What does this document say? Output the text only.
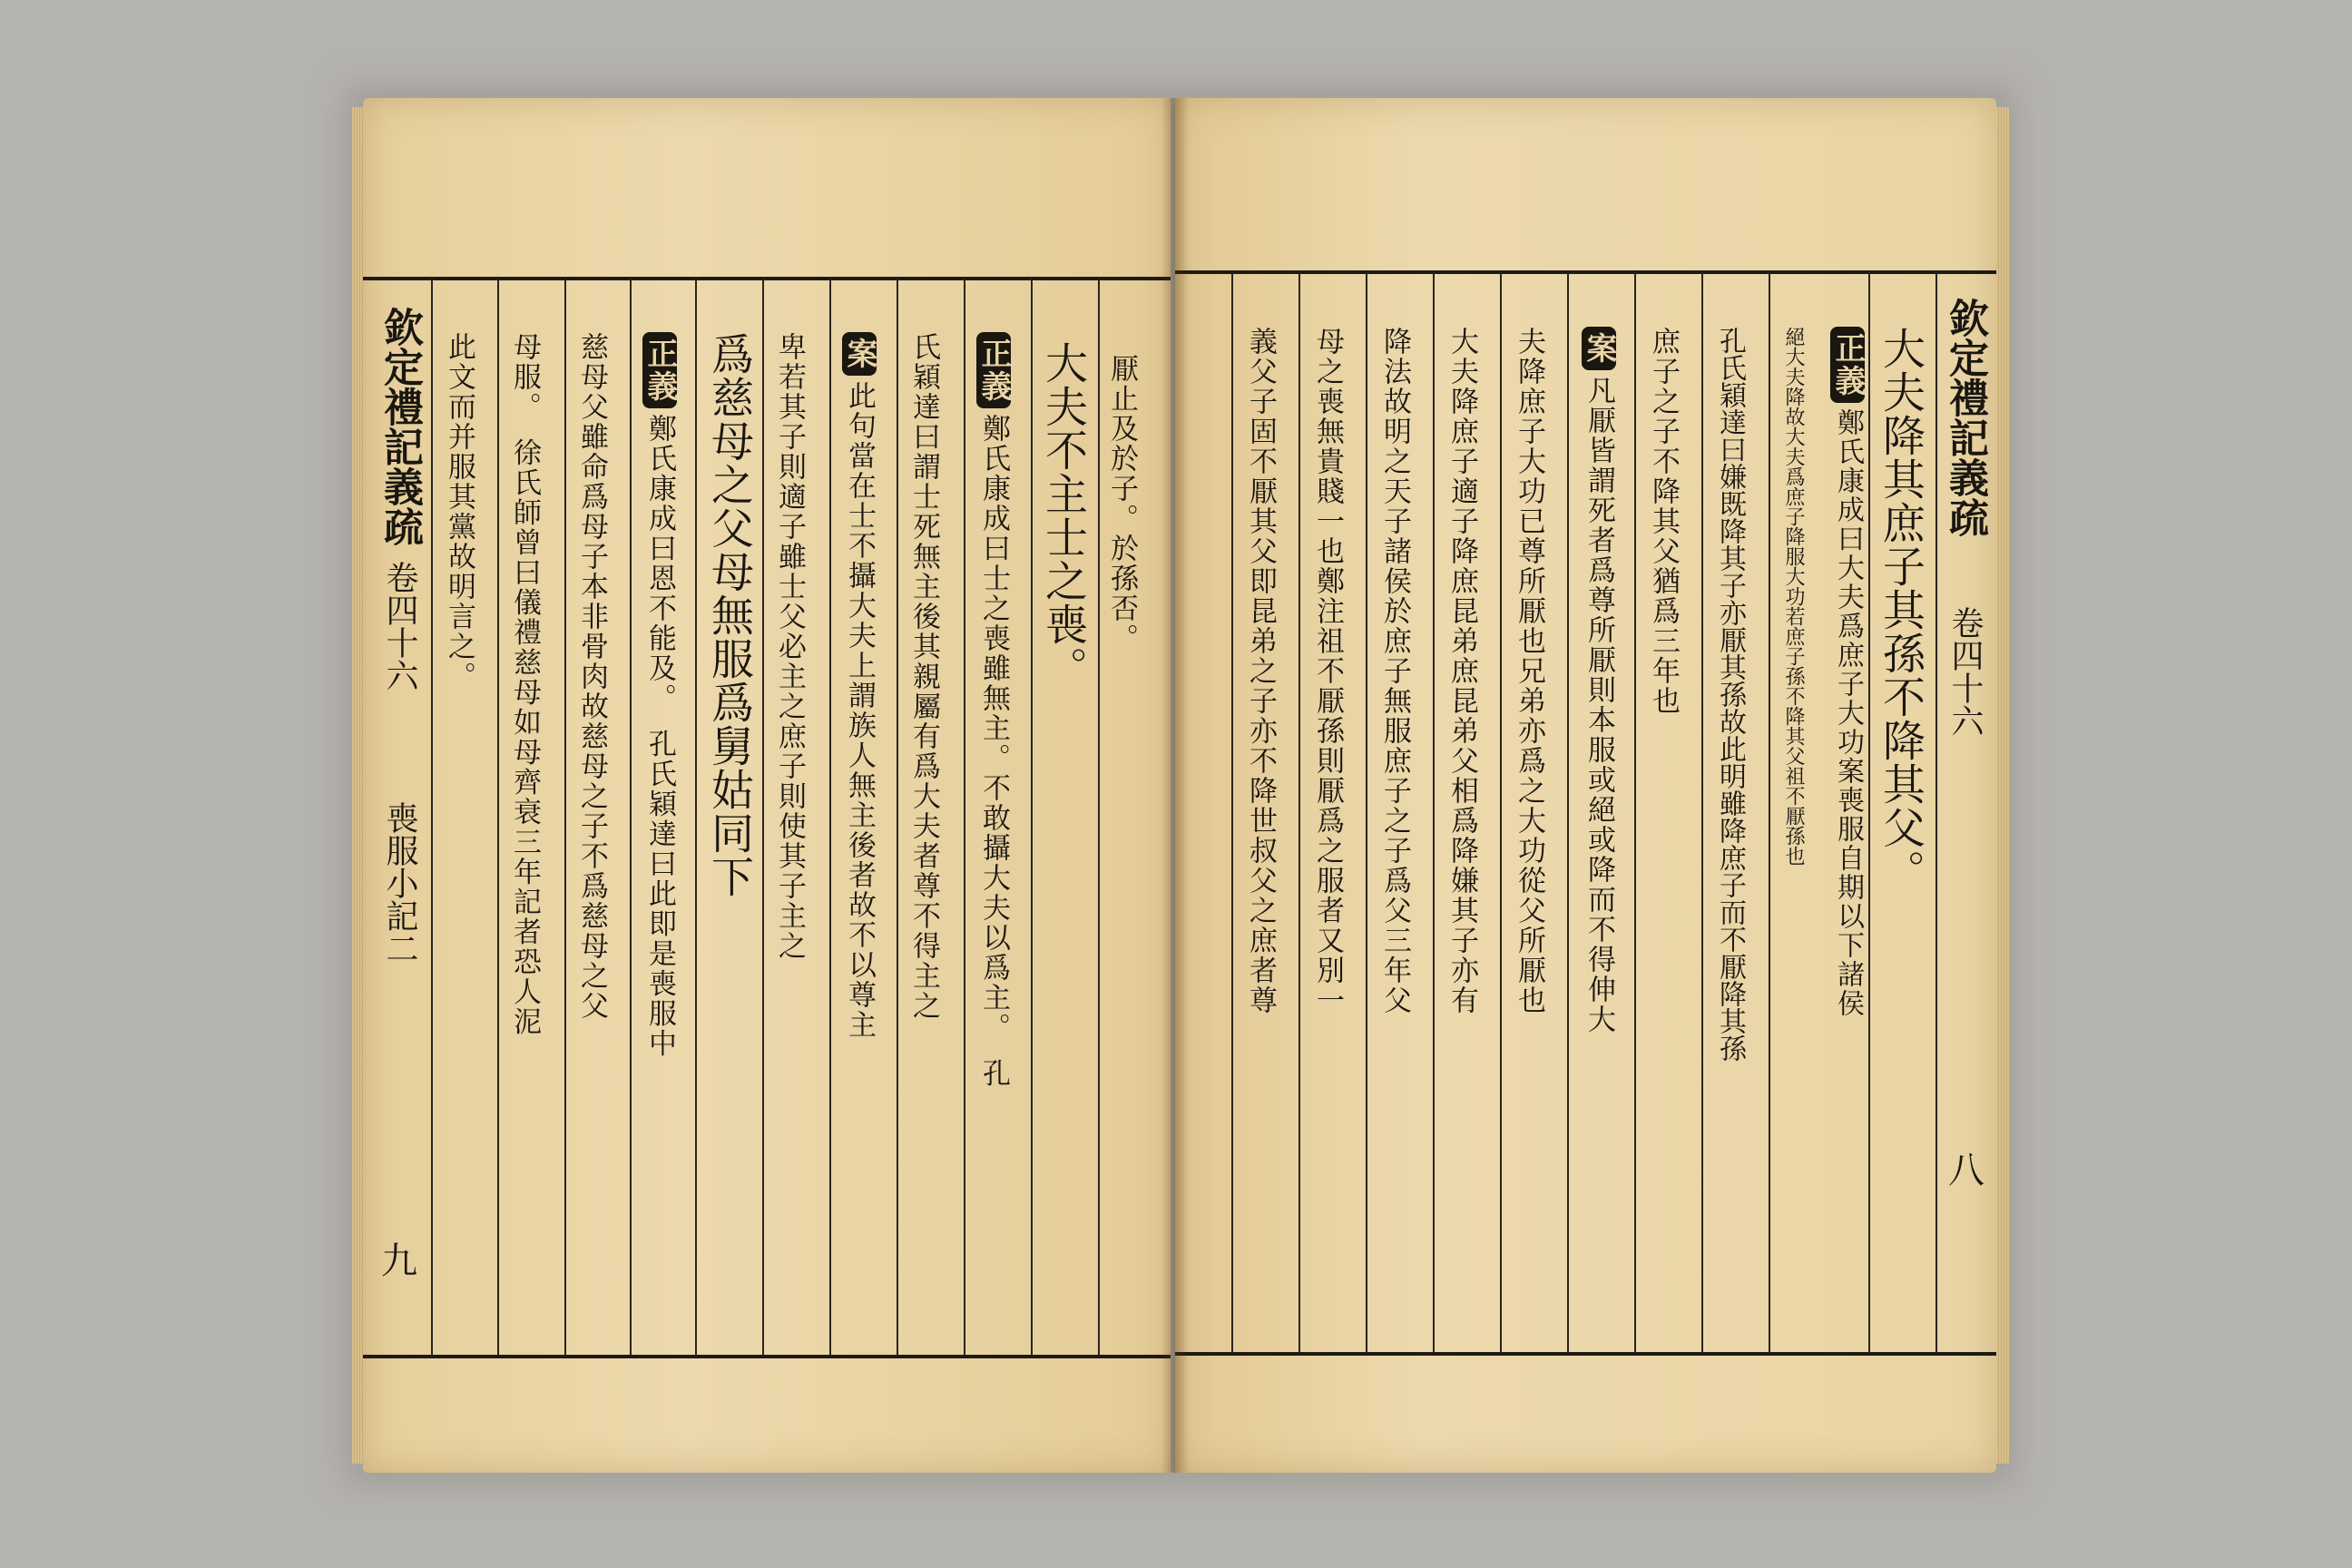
欽定禮記義疏
卷四十六
喪服小記二
九
厭止及於子。於孫否。
大夫不主士之喪。
正義鄭氏康成曰士之喪雖無主。不敢攝大夫以爲主。　孔
氏穎達曰謂士死無主後其親屬有爲大夫者尊不得主之
案此句當在士不攝大夫上謂族人無主後者故不以尊主
卑若其子則適子雖士父必主之庶子則使其子主之
爲慈母之父母無服爲舅姑同下
正義鄭氏康成曰恩不能及。　孔氏穎達曰此即是喪服中
慈母父雖命爲母子本非骨肉故慈母之子不爲慈母之父
母服。　徐氏師曾曰儀禮慈母如母齊衰三年記者恐人泥
此文而并服其黨故明言之。	欽定禮記義疏
卷四十六
八
大夫降其庶子其孫不降其父。
正義鄭氏康成曰大夫爲庶子大功案喪服自期以下諸侯
絕大夫降故大夫爲庶子降服大功若庶子孫不降其父祖不厭孫也
孔氏穎達曰嫌既降其子亦厭其孫故此明雖降庶子而不厭降其孫
庶子之子不降其父猶爲三年也
案凡厭皆謂死者爲尊所厭則本服或絕或降而不得伸大
夫降庶子大功已尊所厭也兄弟亦爲之大功從父所厭也
大夫降庶子適子降庶昆弟庶昆弟父相爲降嫌其子亦有
降法故明之天子諸侯於庶子無服庶子之子爲父三年父
母之喪無貴賤一也鄭注祖不厭孫則厭爲之服者又別一
義父子固不厭其父即昆弟之子亦不降世叔父之庶者尊
